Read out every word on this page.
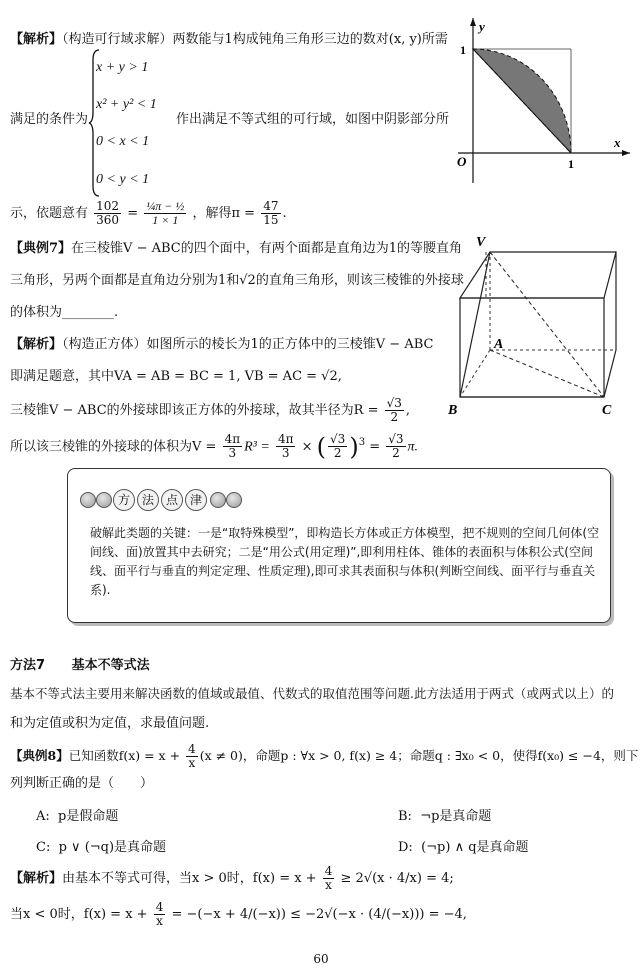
【解析】（构造可行域求解）两数能与1构成钝角三角形三边的数对(x, y)所需
满足的条件为
x + y > 1
x² + y² < 1
0 < x < 1
0 < y < 1
作出满足不等式组的可行域，如图中阴影部分所
示，依题意有 $\frac{102}{360} = \frac{\text{¼π − ½}}{1 \times 1}$ ，解得$\pi = \frac{47}{15}$ .
y
x
O	1
1
【典例7】在三棱锥V − ABC的四个面中，有两个面都是直角边为1的等腰直角
三角形，另两个面都是直角边分别为1和√2的直角三角形，则该三棱锥的外接球
的体积为________.
【解析】（构造正方体）如图所示的棱长为1的正方体中的三棱锥V − ABC
即满足题意，其中VA = AB = BC = 1, VB = AC = √2,
三棱锥V − ABC的外接球即该正方体的外接球，故其半径为$R = \frac{√3}{2}$ ,
所以该三棱锥的外接球的体积为$V = \frac{4\pi}{3} R^3 = \frac{4\pi}{3}$ × ( $\frac{√3}{2} )^3 = \frac{√3}{2} \pi$.
V
A
B	C
方 法 点 津
破解此类题的关键：一是“取特殊模型”，即构造长方体或正方体模型，把不规则的空间几何体(空间线、面)放置其中去研究；二是“用公式(用定理)”,即利用柱体、锥体的表面积与体积公式(空间线、面平行与垂直的判定定理、性质定理),即可求其表面积与体积(判断空间线、面平行与垂直关系).
方法7 基本不等式法
基本不等式法主要用来解决函数的值域或最值、代数式的取值范围等问题.此方法适用于两式（或两式以上）的
和为定值或积为定值，求最值问题.
【典例8】已知函数$f(x) = x + \frac{4}{x} (x \ne 0)$，命题p : ∀x > 0, f(x) ≥ 4；命题q : ∃x₀ < 0，使得f(x₀) ≤ −4，则下
列判断正确的是（　　）
A: p是假命题	B: ¬p是真命题
C: p ∨ (¬q)是真命题	D: (¬p) ∧ q是真命题
【解析】由基本不等式可得，当x > 0时，$f(x) = x + \frac{4}{x} \ge 2√(x \cdot 4/x) = 4$;
当x < 0时，$f(x) = x + \frac{4}{x} = -(-x + 4/(-x)) \le -2√(-x \cdot (4/(-x))) = -4$,
60
